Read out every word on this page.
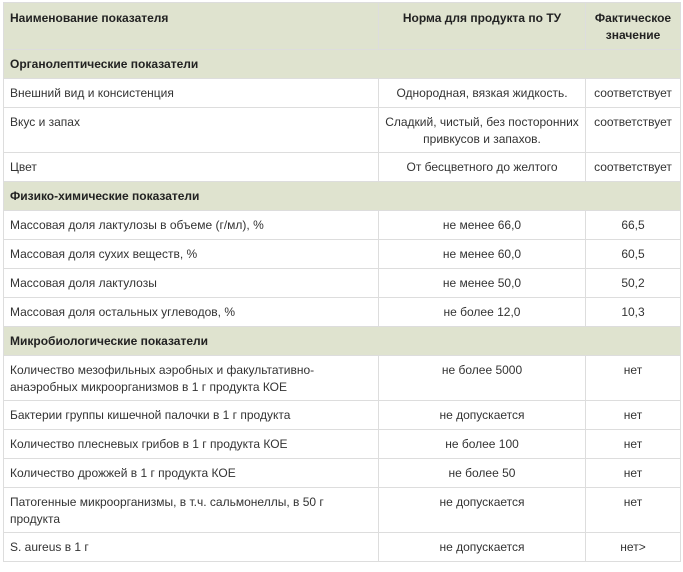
Наименование показателя	Норма для продукта по ТУ	Фактическое
значение
Органолептические показатели		
Внешний вид и консистенция	Однородная, вязкая жидкость.	соответствует
Вкус и запах	Сладкий, чистый, без посторонних привкусов и запахов.	соответствует
Цвет	От бесцветного до желтого	соответствует
Физико-химические показатели		
Массовая доля лактулозы в объеме (г/мл), %	не менее 66,0	66,5
Массовая доля сухих веществ, %	не менее 60,0	60,5
Массовая доля лактулозы	не менее 50,0	50,2
Массовая доля остальных углеводов, %	не более 12,0	10,3
Микробиологические показатели		
Количество мезофильных аэробных и факультативно-анаэробных микроорганизмов в 1 г продукта КОЕ	не более 5000	нет
Бактерии группы кишечной палочки в 1 г продукта	не допускается	нет
Количество плесневых грибов в 1 г продукта КОЕ	не более 100	нет
Количество дрожжей в 1 г продукта КОЕ	не более 50	нет
Патогенные микроорганизмы, в т.ч. сальмонеллы, в 50 г продукта	не допускается	нет
S. aureus в 1 г	не допускается	нет>
